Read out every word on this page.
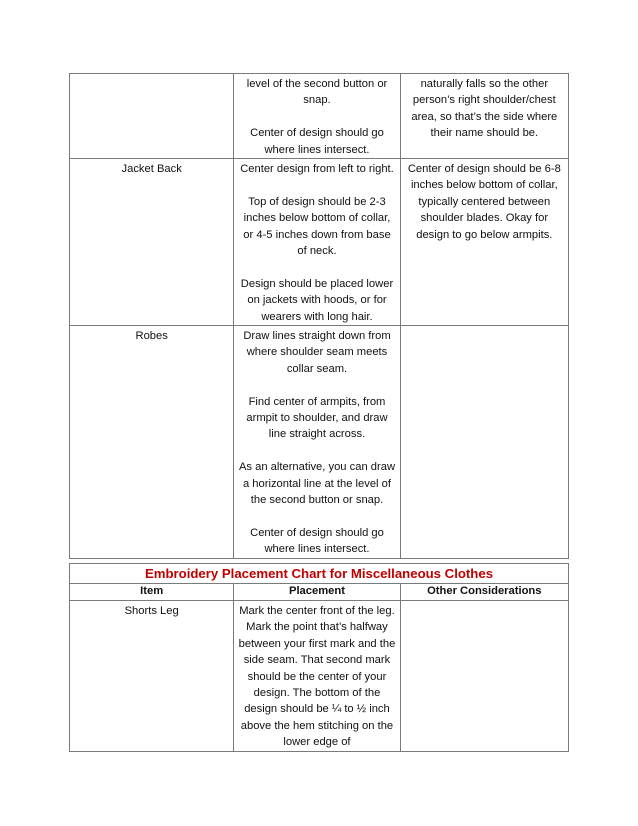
	level of the second button or snap.

Center of design should go where lines intersect.	naturally falls so the other person’s right shoulder/chest area, so that’s the side where their name should be.

Jacket Back	Center design from left to right.

Top of design should be 2-3 inches below bottom of collar, or 4-5 inches down from base of neck.

Design should be placed lower on jackets with hoods, or for wearers with long hair.	Center of design should be 6-8 inches below bottom of collar, typically centered between shoulder blades. Okay for design to go below armpits.

Robes	Draw lines straight down from where shoulder seam meets collar seam.

Find center of armpits, from armpit to shoulder, and draw line straight across.

As an alternative, you can draw a horizontal line at the level of the second button or snap.

Center of design should go where lines intersect.	

Embroidery Placement Chart for Miscellaneous Clothes		
Item	Placement	Other Considerations
Shorts Leg	Mark the center front of the leg. Mark the point that’s halfway between your first mark and the side seam. That second mark should be the center of your design. The bottom of the design should be ¼ to ½ inch above the hem stitching on the lower edge of	
